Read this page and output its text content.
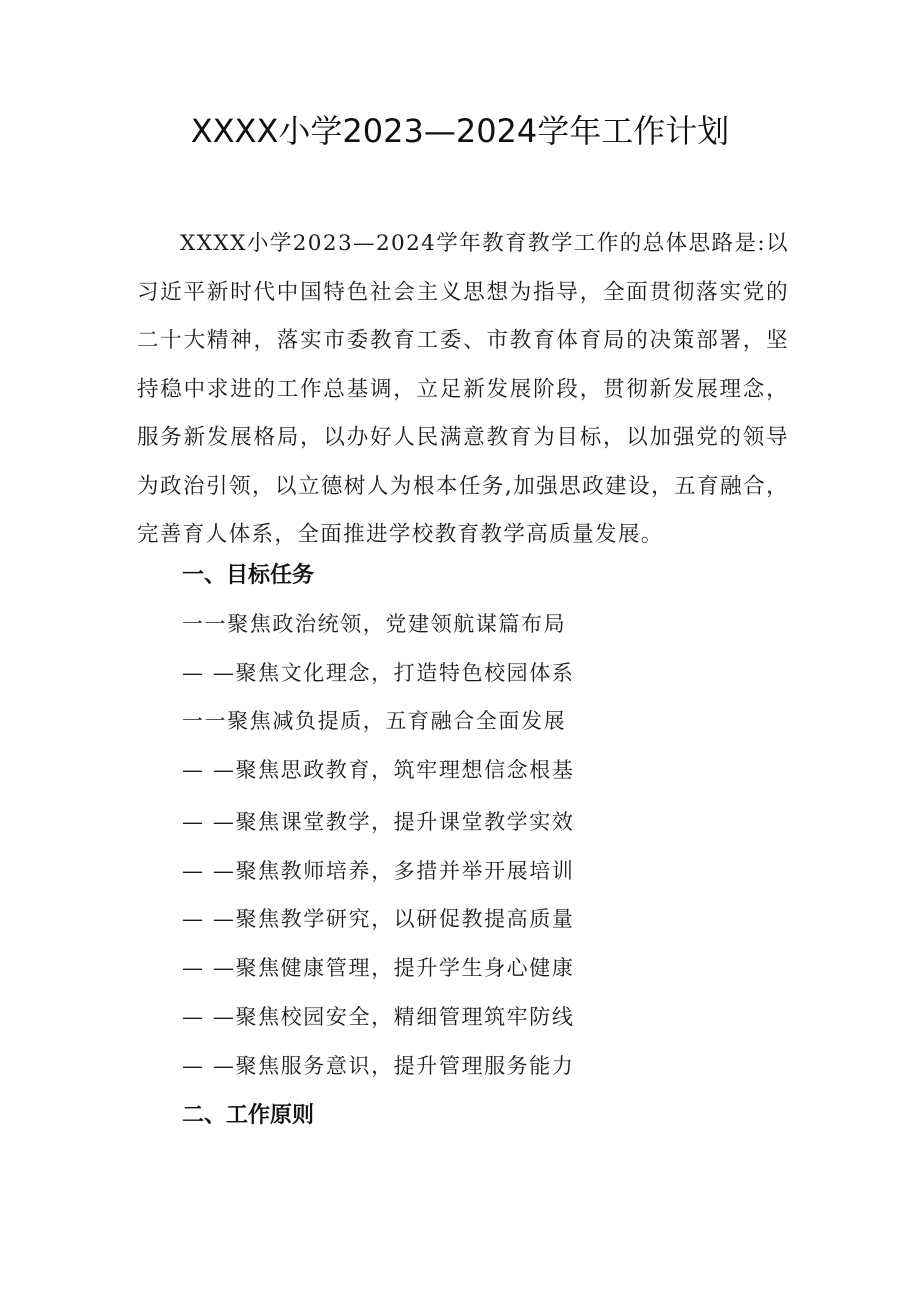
XXXX小学2023—2024学年工作计划

XXXX小学2023—2024学年教育教学工作的总体思路是:以习近平新时代中国特色社会主义思想为指导，全面贯彻落实党的二十大精神，落实市委教育工委、市教育体育局的决策部署，坚持稳中求进的工作总基调，立足新发展阶段，贯彻新发展理念，服务新发展格局，以办好人民满意教育为目标，以加强党的领导为政治引领，以立德树人为根本任务,加强思政建设，五育融合，完善育人体系，全面推进学校教育教学高质量发展。

一、目标任务
一一聚焦政治统领，党建领航谋篇布局
— —聚焦文化理念，打造特色校园体系
一一聚焦减负提质，五育融合全面发展
— —聚焦思政教育，筑牢理想信念根基
— —聚焦课堂教学，提升课堂教学实效
— —聚焦教师培养，多措并举开展培训
— —聚焦教学研究，以研促教提高质量
— —聚焦健康管理，提升学生身心健康
— —聚焦校园安全，精细管理筑牢防线
— —聚焦服务意识，提升管理服务能力
二、工作原则
